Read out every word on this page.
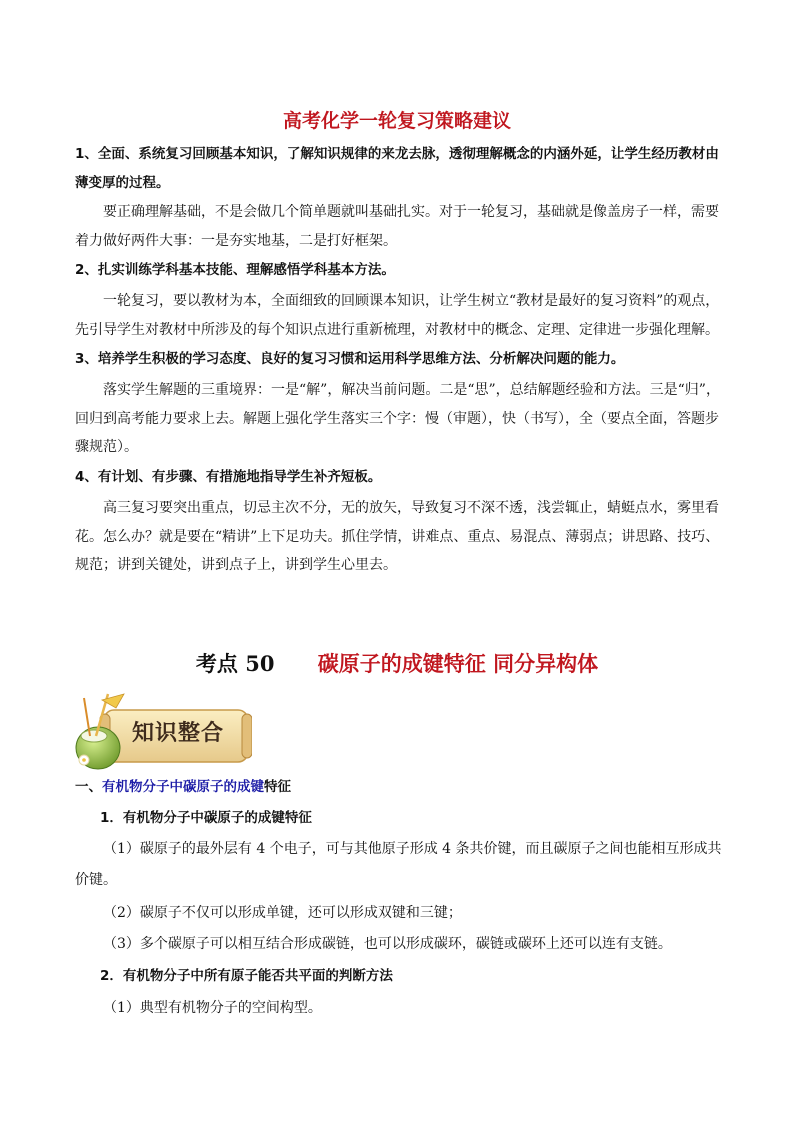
高考化学一轮复习策略建议

1、全面、系统复习回顾基本知识，了解知识规律的来龙去脉，透彻理解概念的内涵外延，让学生经历教材由薄变厚的过程。

要正确理解基础，不是会做几个简单题就叫基础扎实。对于一轮复习，基础就是像盖房子一样，需要着力做好两件大事：一是夯实地基，二是打好框架。

2、扎实训练学科基本技能、理解感悟学科基本方法。

一轮复习，要以教材为本，全面细致的回顾课本知识，让学生树立“教材是最好的复习资料”的观点，先引导学生对教材中所涉及的每个知识点进行重新梳理，对教材中的概念、定理、定律进一步强化理解。

3、培养学生积极的学习态度、良好的复习习惯和运用科学思维方法、分析解决问题的能力。

落实学生解题的三重境界：一是“解”，解决当前问题。二是“思”，总结解题经验和方法。三是“归”，回归到高考能力要求上去。解题上强化学生落实三个字：慢（审题），快（书写），全（要点全面，答题步骤规范）。

4、有计划、有步骤、有措施地指导学生补齐短板。

高三复习要突出重点，切忌主次不分，无的放矢，导致复习不深不透，浅尝辄止，蜻蜓点水，雾里看花。怎么办？就是要在“精讲”上下足功夫。抓住学情，讲难点、重点、易混点、薄弱点；讲思路、技巧、规范；讲到关键处，讲到点子上，讲到学生心里去。

考点 50 碳原子的成键特征 同分异构体
知识整合
一、有机物分子中碳原子的成键特征
1．有机物分子中碳原子的成键特征

（1）碳原子的最外层有 4 个电子，可与其他原子形成 4 条共价键，而且碳原子之间也能相互形成共价键。

（2）碳原子不仅可以形成单键，还可以形成双键和三键；

（3）多个碳原子可以相互结合形成碳链，也可以形成碳环，碳链或碳环上还可以连有支链。

2．有机物分子中所有原子能否共平面的判断方法

（1）典型有机物分子的空间构型。
